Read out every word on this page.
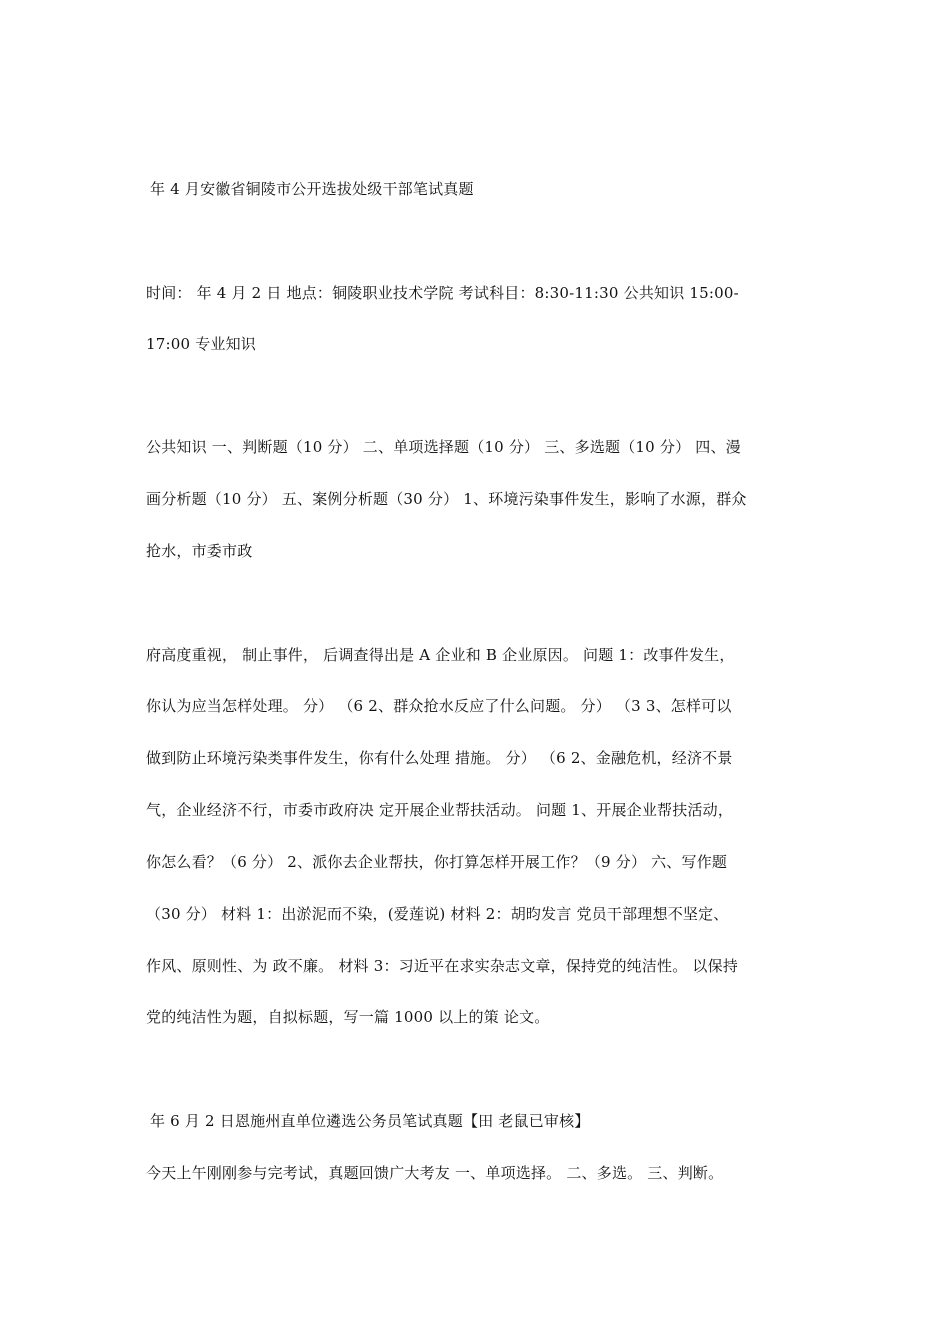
年 4 月安徽省铜陵市公开选拔处级干部笔试真题
时间： 年 4 月 2 日 地点：铜陵职业技术学院 考试科目：8:30-11:30 公共知识 15:00-
17:00 专业知识
公共知识 一、判断题（10 分） 二、单项选择题（10 分） 三、多选题（10 分） 四、漫
画分析题（10 分） 五、案例分析题（30 分） 1、环境污染事件发生，影响了水源，群众
抢水，市委市政
府高度重视， 制止事件， 后调查得出是 A 企业和 B 企业原因。 问题 1：改事件发生，
你认为应当怎样处理。 分） （6 2、群众抢水反应了什么问题。 分） （3 3、怎样可以
做到防止环境污染类事件发生，你有什么处理 措施。 分） （6 2、金融危机，经济不景
气，企业经济不行，市委市政府决 定开展企业帮扶活动。 问题 1、开展企业帮扶活动，
你怎么看？（6 分） 2、派你去企业帮扶，你打算怎样开展工作？（9 分） 六、写作题
（30 分） 材料 1：出淤泥而不染，(爱莲说) 材料 2：胡昀发言 党员干部理想不坚定、
作风、原则性、为 政不廉。 材料 3：习近平在求实杂志文章，保持党的纯洁性。 以保持
党的纯洁性为题，自拟标题，写一篇 1000 以上的策 论文。
年 6 月 2 日恩施州直单位遴选公务员笔试真题【田 老鼠已审核】
今天上午刚刚参与完考试，真题回馈广大考友 一、单项选择。 二、多选。 三、判断。
